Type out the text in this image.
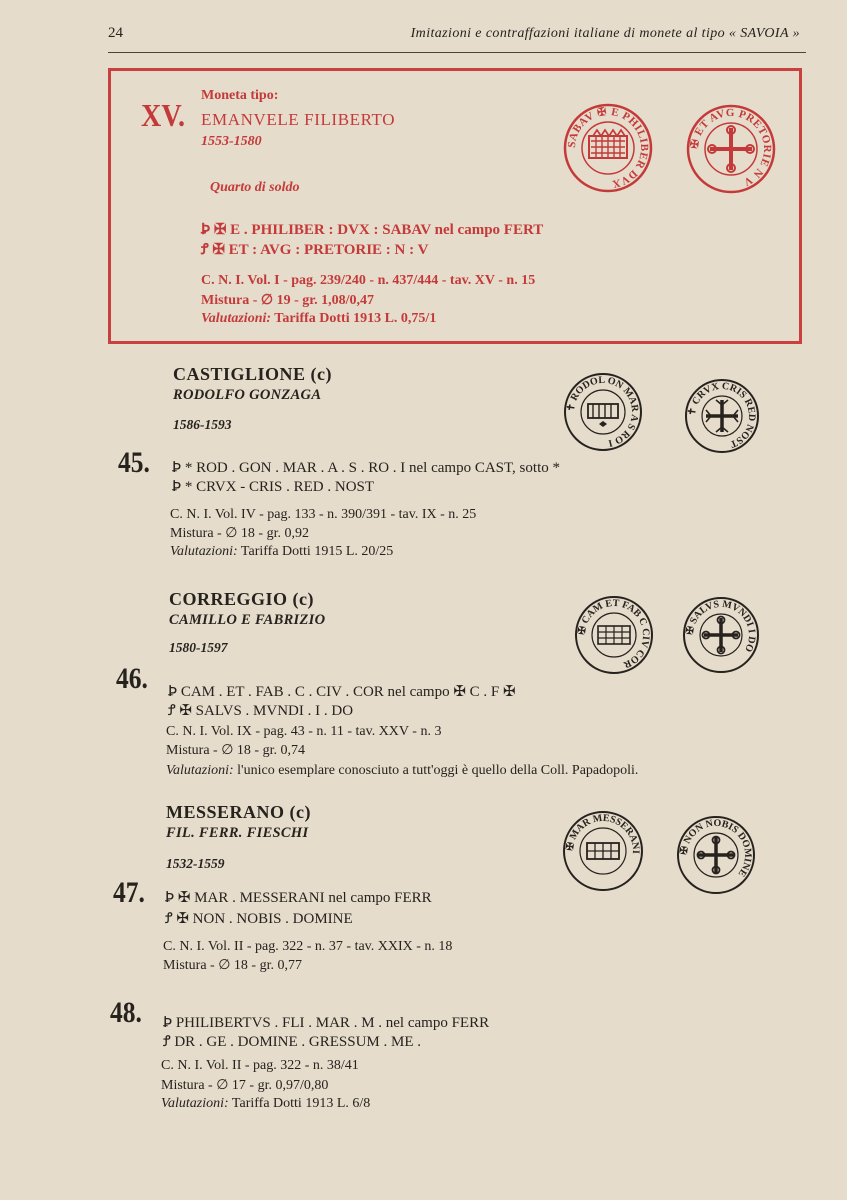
24	Imitazioni e contraffazioni italiane di monete al tipo « SAVOIA »
XV.
Moneta tipo:
EMANVELE FILIBERTO
1553-1580
Quarto di soldo
Ꝧ ✠ E . PHILIBER : DVX : SABAV nel campo FERT
Ꝭ ✠ ET : AVG : PRETORIE : N : V
C. N. I. Vol. I - pag. 239/240 - n. 437/444 - tav. XV - n. 15
Mistura - ∅ 19 - gr. 1,08/0,47
Valutazioni: Tariffa Dotti 1913 L. 0,75/1
SABAV ✠ E PHILIBER DVX
✠ ET AVG PRETORIE N V
CASTIGLIONE (c)
RODOLFO GONZAGA
1586-1593
45. Ꝧ * ROD . GON . MAR . A . S . RO . I nel campo CAST, sotto *
Ꝧ * CRVX - CRIS . RED . NOST
C. N. I. Vol. IV - pag. 133 - n. 390/391 - tav. IX - n. 25
Mistura - ∅ 18 - gr. 0,92
Valutazioni: Tariffa Dotti 1915 L. 20/25
✝ RODOL ON MAR A S RO I
✝ CRVX CRIS RED NOST
CORREGGIO (c)
CAMILLO E FABRIZIO
1580-1597
46. Ꝧ CAM . ET . FAB . C . CIV . COR nel campo ✠ C . F ✠
Ꝭ ✠ SALVS . MVNDI . I . DO
C. N. I. Vol. IX - pag. 43 - n. 11 - tav. XXV - n. 3
Mistura - ∅ 18 - gr. 0,74
Valutazioni: l'unico esemplare conosciuto a tutt'oggi è quello della Coll. Papadopoli.
✠ CAM ET FAB C CIV COR
✠ SALVS MVNDI I DO
MESSERANO (c)
FIL. FERR. FIESCHI
1532-1559
47. Ꝧ ✠ MAR . MESSERANI nel campo FERR
Ꝭ ✠ NON . NOBIS . DOMINE
C. N. I. Vol. II - pag. 322 - n. 37 - tav. XXIX - n. 18
Mistura - ∅ 18 - gr. 0,77
✠ MAR MESSERANI	✠ NON NOBIS DOMINE
48. Ꝧ PHILIBERTVS . FLI . MAR . M . nel campo FERR
Ꝭ DR . GE . DOMINE . GRESSUM . ME .
C. N. I. Vol. II - pag. 322 - n. 38/41
Mistura - ∅ 17 - gr. 0,97/0,80
Valutazioni: Tariffa Dotti 1913 L. 6/8
